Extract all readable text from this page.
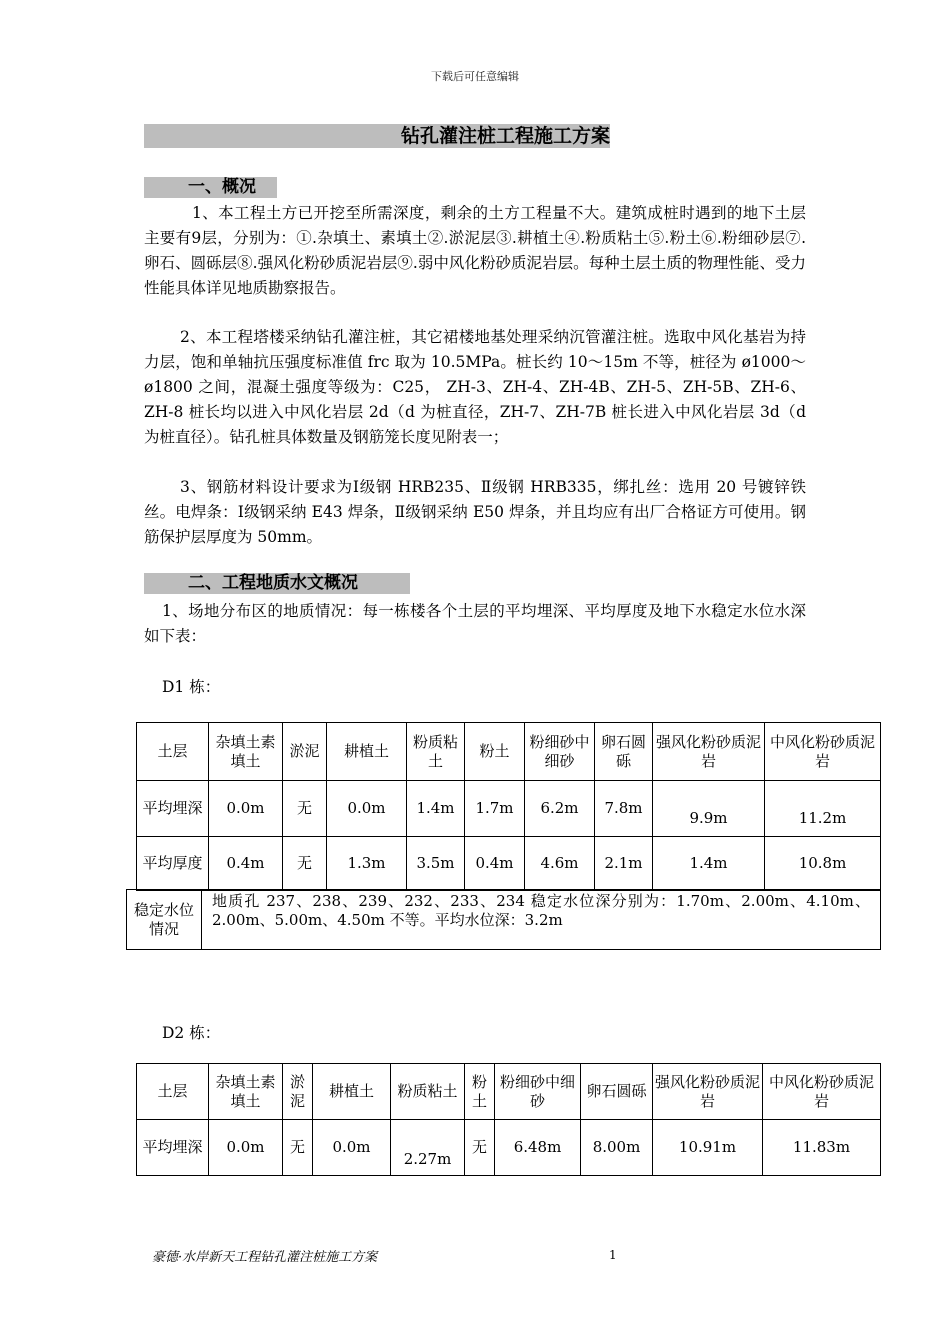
下载后可任意编辑
钻孔灌注桩工程施工方案
一、概况
1、本工程土方已开挖至所需深度，剩余的土方工程量不大。建筑成桩时遇到的地下土层主要有9层，分别为：①.杂填土、素填土②.淤泥层③.耕植土④.粉质粘土⑤.粉土⑥.粉细砂层⑦.卵石、圆砾层⑧.强风化粉砂质泥岩层⑨.弱中风化粉砂质泥岩层。每种土层土质的物理性能、受力性能具体详见地质勘察报告。
2、本工程塔楼采纳钻孔灌注桩，其它裙楼地基处理采纳沉管灌注桩。选取中风化基岩为持力层，饱和单轴抗压强度标准值 frc 取为 10.5MPa。桩长约 10～15m 不等，桩径为 ø1000～ø1800 之间，混凝土强度等级为：C25， ZH-3、ZH-4、ZH-4B、ZH-5、ZH-5B、ZH-6、ZH-8 桩长均以进入中风化岩层 2d（d 为桩直径，ZH-7、ZH-7B 桩长进入中风化岩层 3d（d 为桩直径）。钻孔桩具体数量及钢筋笼长度见附表一；
3、钢筋材料设计要求为Ⅰ级钢 HRB235、Ⅱ级钢 HRB335，绑扎丝：选用 20 号镀锌铁丝。电焊条：Ⅰ级钢采纳 E43 焊条，Ⅱ级钢采纳 E50 焊条，并且均应有出厂合格证方可使用。钢筋保护层厚度为 50mm。
二、工程地质水文概况
1、场地分布区的地质情况：每一栋楼各个土层的平均埋深、平均厚度及地下水稳定水位水深如下表：
D1 栋：
土层	杂填土素填土	淤泥	耕植土	粉质粘土	粉土	粉细砂中细砂	卵石圆砾	强风化粉砂质泥岩	中风化粉砂质泥岩
平均埋深	0.0m	无	0.0m	1.4m	1.7m	6.2m	7.8m	9.9m	11.2m
平均厚度	0.4m	无	1.3m	3.5m	0.4m	4.6m	2.1m	1.4m	10.8m
稳定水位情况	地质孔 237、238、239、232、233、234 稳定水位深分别为：1.70m、2.00m、4.10m、2.00m、5.00m、4.50m 不等。平均水位深：3.2m
D2 栋：
土层	杂填土素填土	淤泥	耕植土	粉质粘土	粉土	粉细砂中细砂	卵石圆砾	强风化粉砂质泥岩	中风化粉砂质泥岩
平均埋深	0.0m	无	0.0m	2.27m	无	6.48m	8.00m	10.91m	11.83m
豪德·水岸新天工程钻孔灌注桩施工方案	1
